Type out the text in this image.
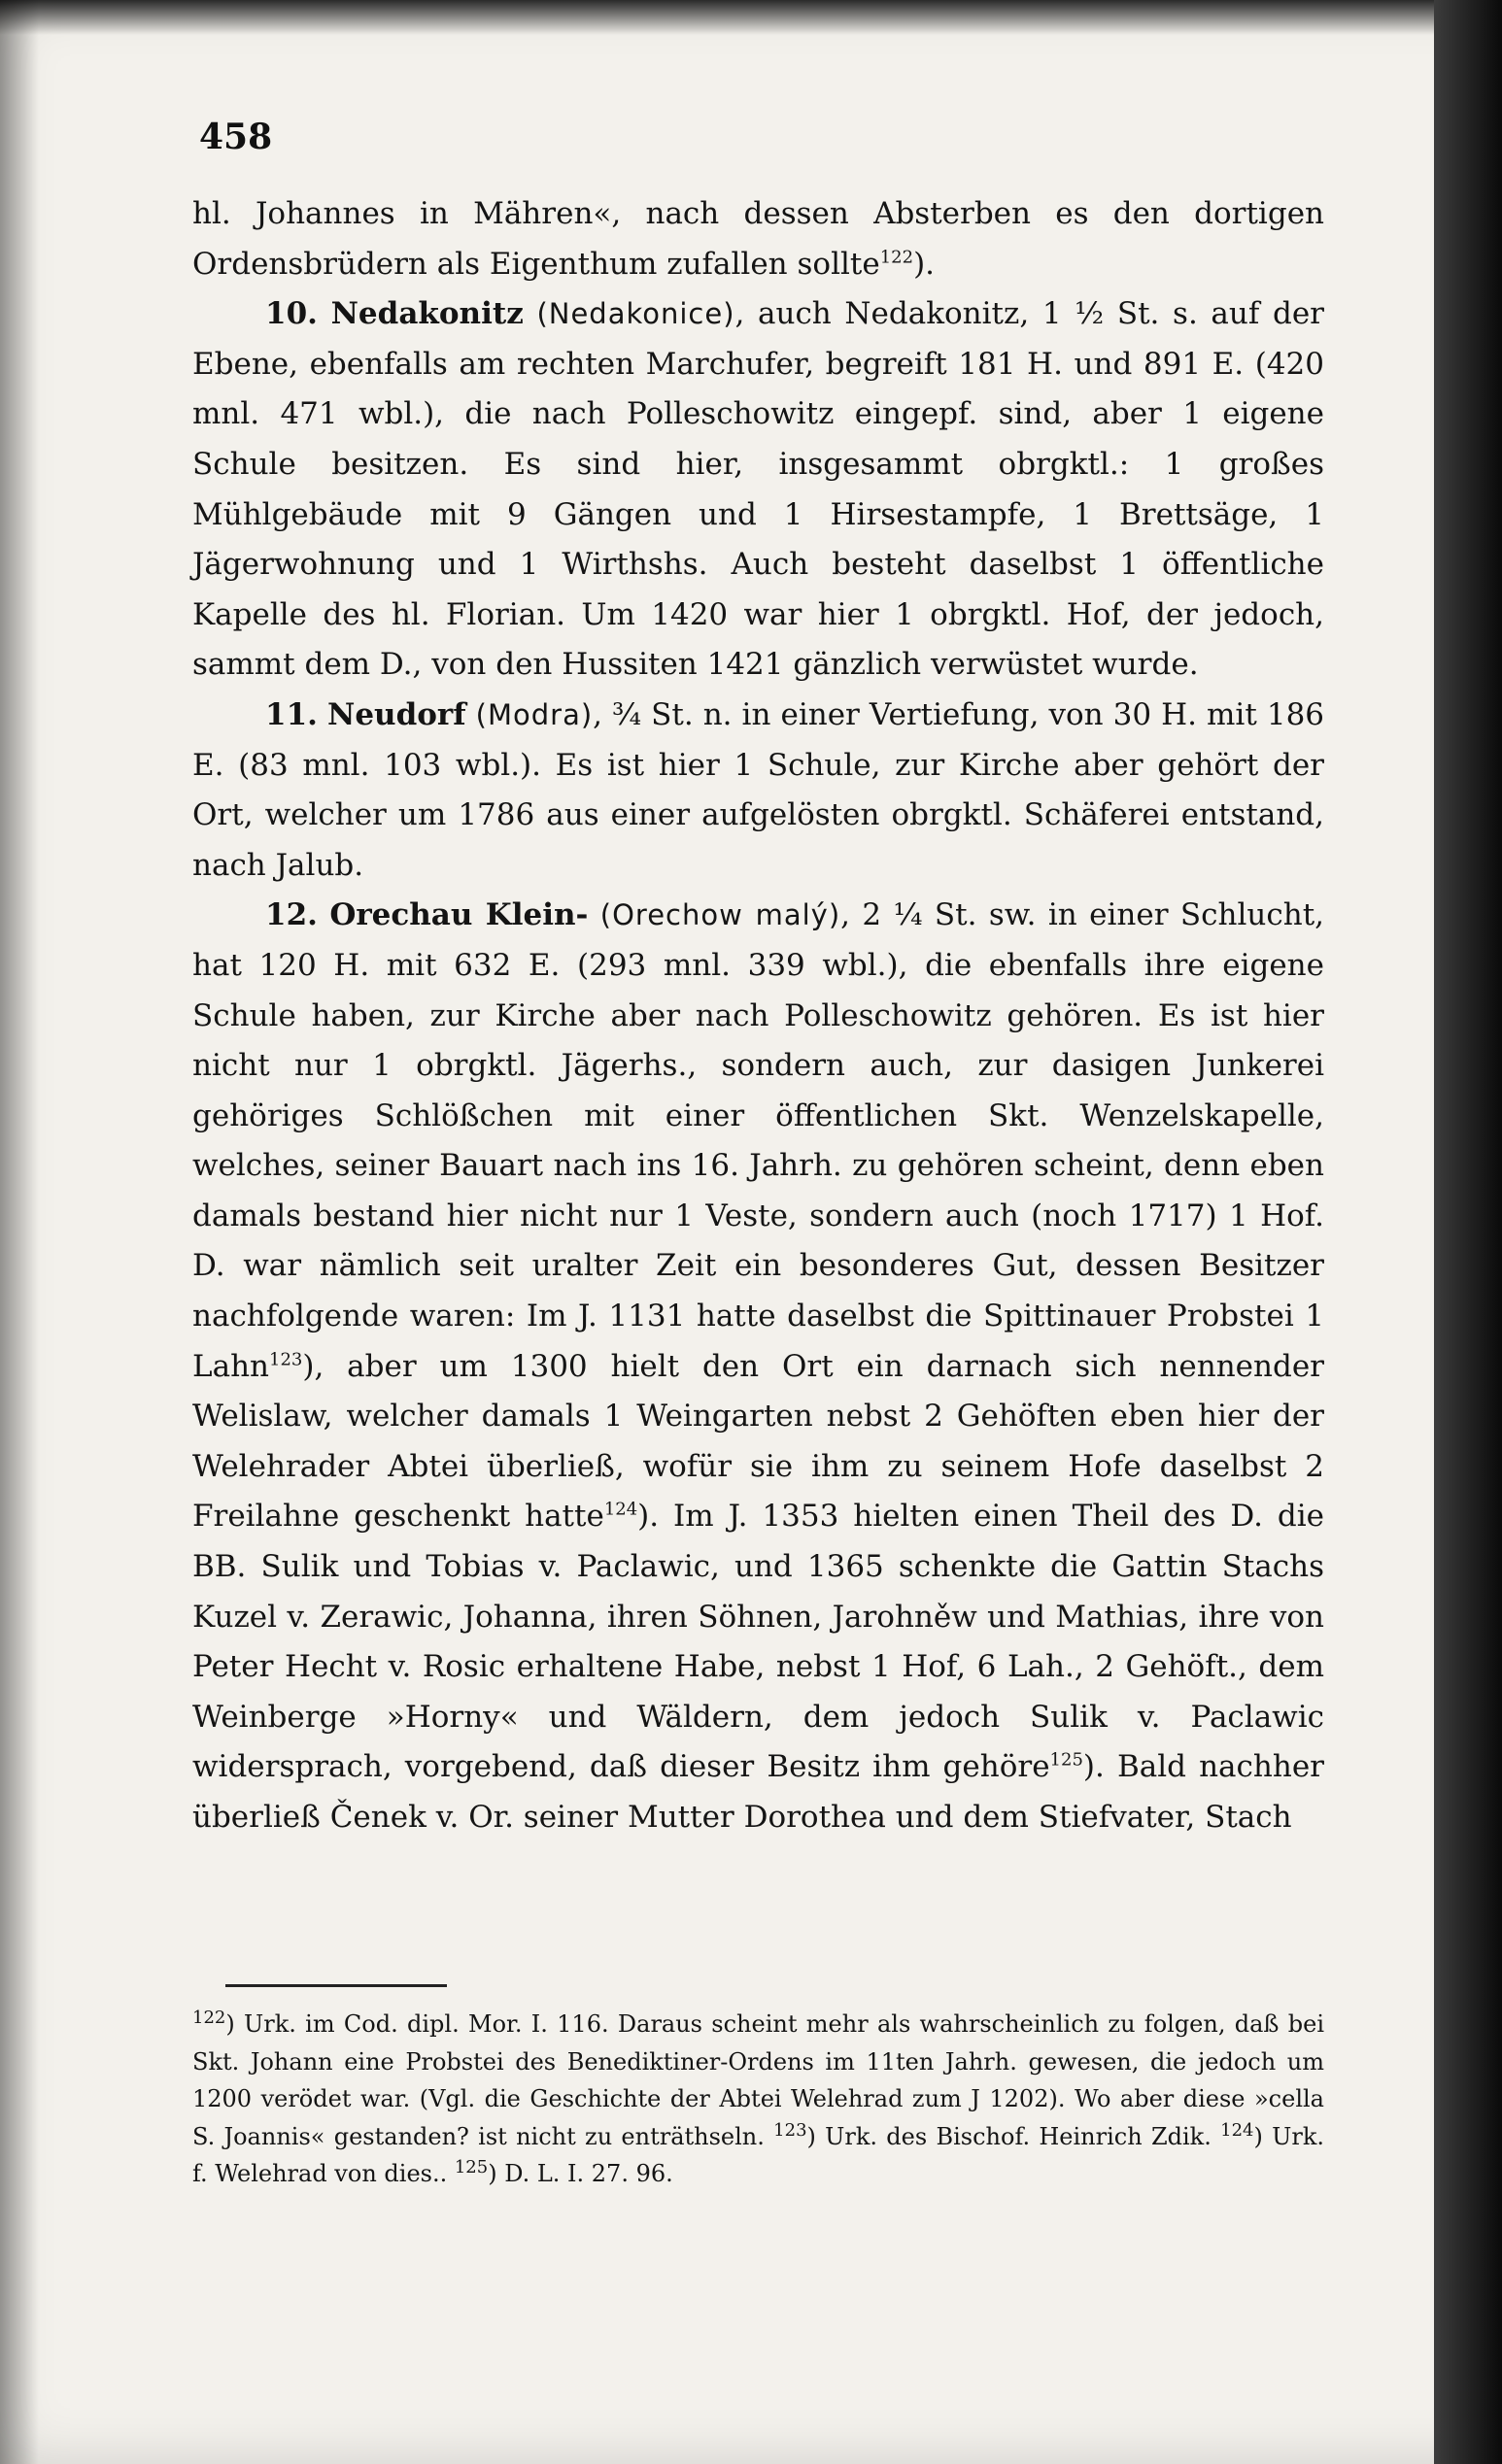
458

hl. Johannes in Mähren«, nach dessen Absterben es den dortigen Ordensbrüdern als Eigenthum zufallen sollte$^{122}$).

10. Nedakonitz (Nedakonice), auch Nedakonitz, 1 ½ St. s. auf der Ebene, ebenfalls am rechten Marchufer, begreift 181 H. und 891 E. (420 mnl. 471 wbl.), die nach Polleschowitz eingepf. sind, aber 1 eigene Schule besitzen. Es sind hier, insgesammt obrgktl.: 1 großes Mühlgebäude mit 9 Gängen und 1 Hirsestampfe, 1 Brettsäge, 1 Jägerwohnung und 1 Wirthshs. Auch besteht daselbst 1 öffentliche Kapelle des hl. Florian. Um 1420 war hier 1 obrgktl. Hof, der jedoch, sammt dem D., von den Hussiten 1421 gänzlich verwüstet wurde.

11. Neudorf (Modra), ¾ St. n. in einer Vertiefung, von 30 H. mit 186 E. (83 mnl. 103 wbl.). Es ist hier 1 Schule, zur Kirche aber gehört der Ort, welcher um 1786 aus einer aufgelösten obrgktl. Schäferei entstand, nach Jalub.

12. Orechau Klein- (Orechow malý), 2 ¼ St. sw. in einer Schlucht, hat 120 H. mit 632 E. (293 mnl. 339 wbl.), die ebenfalls ihre eigene Schule haben, zur Kirche aber nach Polleschowitz gehören. Es ist hier nicht nur 1 obrgktl. Jägerhs., sondern auch, zur dasigen Junkerei gehöriges Schlößchen mit einer öffentlichen Skt. Wenzelskapelle, welches, seiner Bauart nach ins 16. Jahrh. zu gehören scheint, denn eben damals bestand hier nicht nur 1 Veste, sondern auch (noch 1717) 1 Hof. D. war nämlich seit uralter Zeit ein besonderes Gut, dessen Besitzer nachfolgende waren: Im J. 1131 hatte daselbst die Spittinauer Probstei 1 Lahn$^{123}$), aber um 1300 hielt den Ort ein darnach sich nennender Welislaw, welcher damals 1 Weingarten nebst 2 Gehöften eben hier der Welehrader Abtei überließ, wofür sie ihm zu seinem Hofe daselbst 2 Freilahne geschenkt hatte$^{124}$). Im J. 1353 hielten einen Theil des D. die BB. Sulik und Tobias v. Paclawic, und 1365 schenkte die Gattin Stachs Kuzel v. Zerawic, Johanna, ihren Söhnen, Jarohněw und Mathias, ihre von Peter Hecht v. Rosic erhaltene Habe, nebst 1 Hof, 6 Lah., 2 Gehöft., dem Weinberge »Horny« und Wäldern, dem jedoch Sulik v. Paclawic widersprach, vorgebend, daß dieser Besitz ihm gehöre$^{125}$). Bald nachher überließ Čenek v. Or. seiner Mutter Dorothea und dem Stiefvater, Stach

$^{122}$) Urk. im Cod. dipl. Mor. I. 116. Daraus scheint mehr als wahrscheinlich zu folgen, daß bei Skt. Johann eine Probstei des Benediktiner-Ordens im 11ten Jahrh. gewesen, die jedoch um 1200 verödet war. (Vgl. die Geschichte der Abtei Welehrad zum J 1202). Wo aber diese »cella S. Joannis« gestanden? ist nicht zu enträthseln. $^{123}$) Urk. des Bischof. Heinrich Zdik. $^{124}$) Urk. f. Welehrad von dies.. $^{125}$) D. L. I. 27. 96.
